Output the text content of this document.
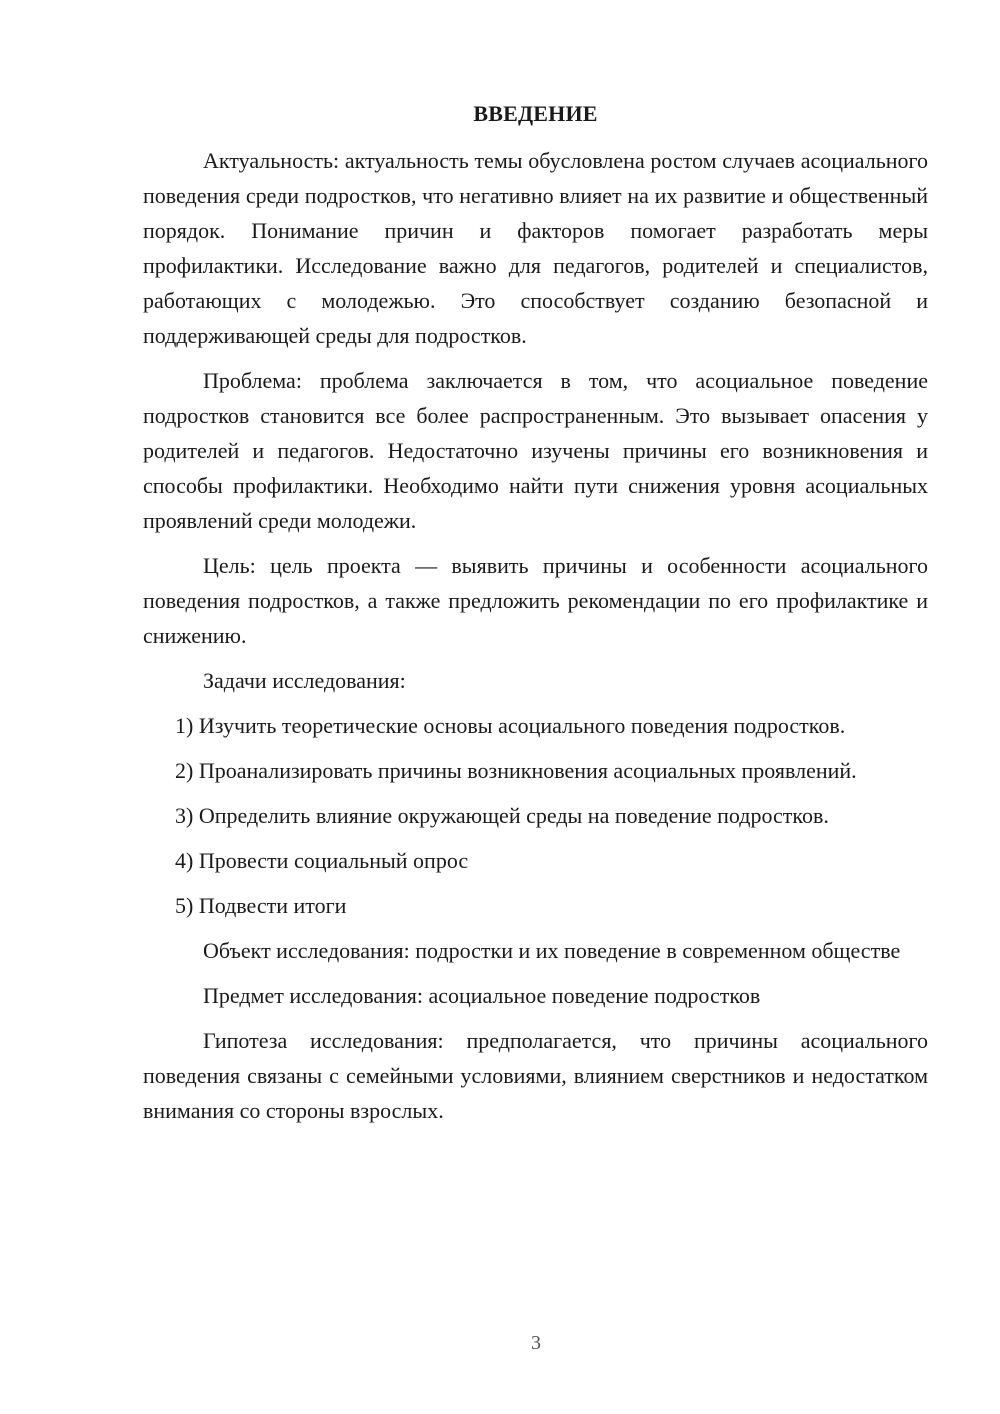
ВВЕДЕНИЕ

Актуальность: актуальность темы обусловлена ростом случаев асоциального поведения среди подростков, что негативно влияет на их развитие и общественный порядок. Понимание причин и факторов помогает разработать меры профилактики. Исследование важно для педагогов, родителей и специалистов, работающих с молодежью. Это способствует созданию безопасной и поддерживающей среды для подростков.

Проблема: проблема заключается в том, что асоциальное поведение подростков становится все более распространенным. Это вызывает опасения у родителей и педагогов. Недостаточно изучены причины его возникновения и способы профилактики. Необходимо найти пути снижения уровня асоциальных проявлений среди молодежи.

Цель: цель проекта — выявить причины и особенности асоциального поведения подростков, а также предложить рекомендации по его профилактике и снижению.

Задачи исследования:

1) Изучить теоретические основы асоциального поведения подростков.

2) Проанализировать причины возникновения асоциальных проявлений.

3) Определить влияние окружающей среды на поведение подростков.

4) Провести социальный опрос

5) Подвести итоги

Объект исследования: подростки и их поведение в современном обществе

Предмет исследования: асоциальное поведение подростков

Гипотеза исследования: предполагается, что причины асоциального поведения связаны с семейными условиями, влиянием сверстников и недостатком внимания со стороны взрослых.

3
